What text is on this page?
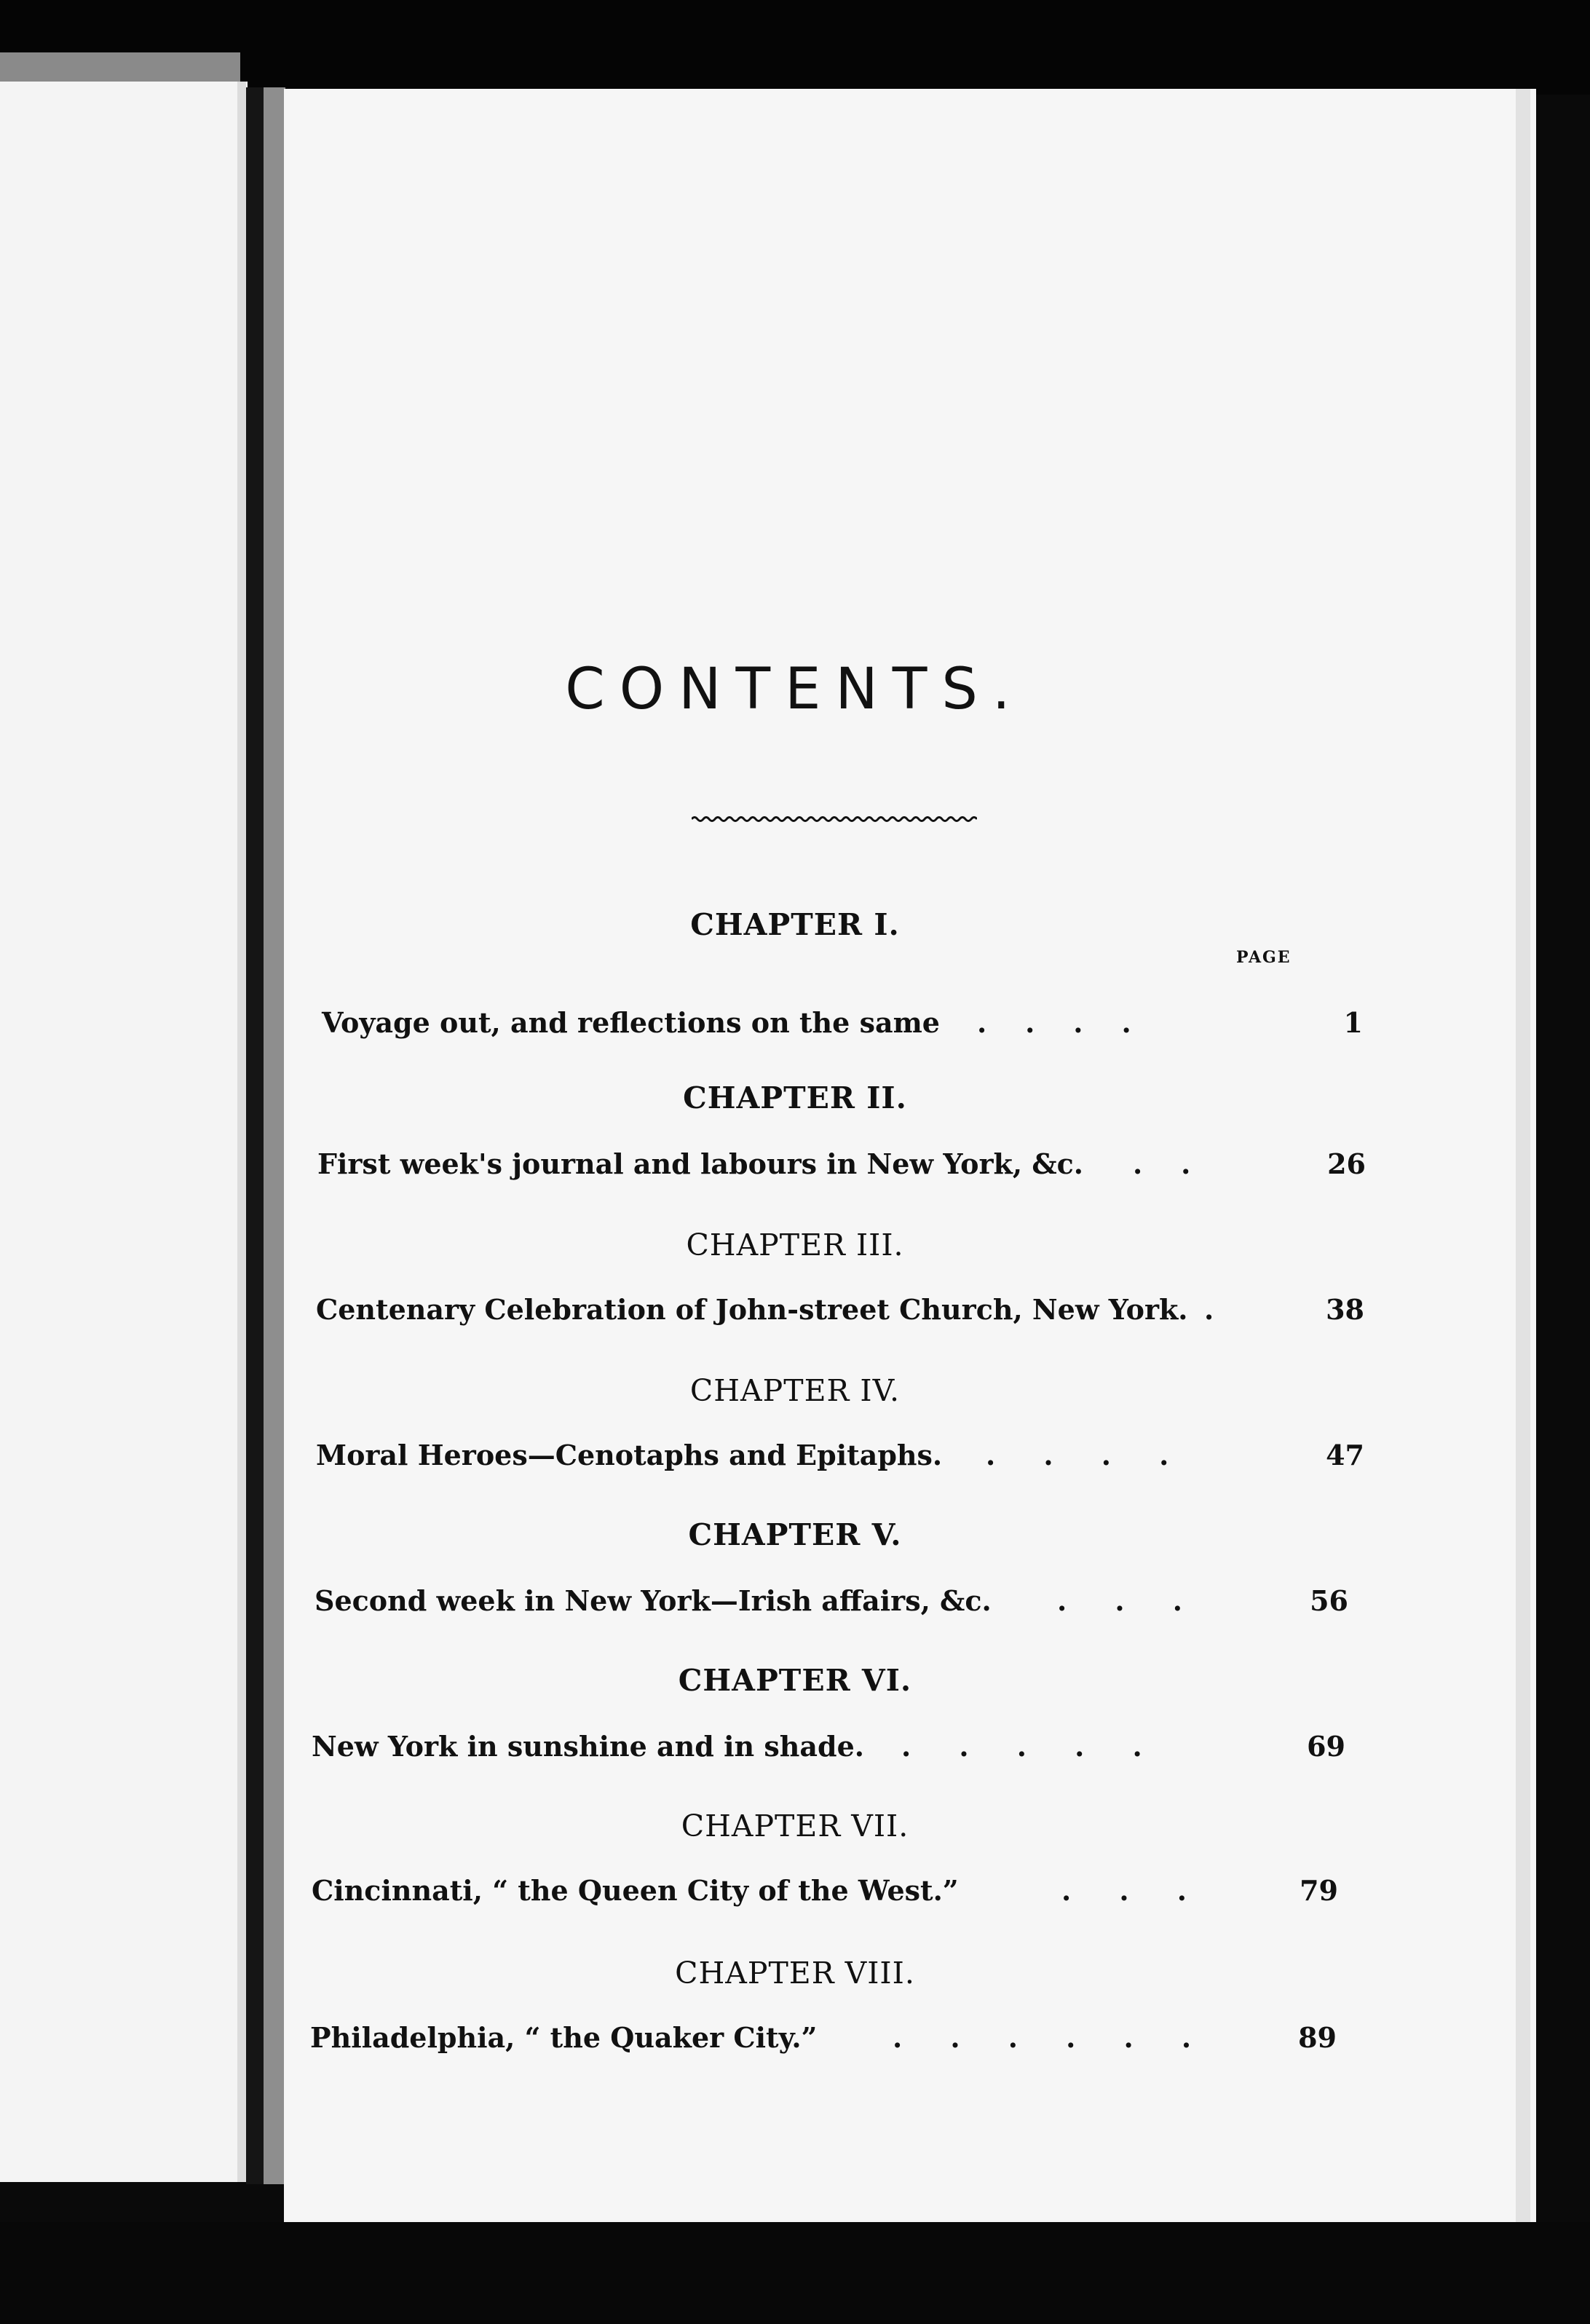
CONTENTS.
PAGE
CHAPTER I.
Voyage out, and reflections on the same .    .    .    .	1
CHAPTER II.
First week's journal and labours in New York, &c. .    .	26
CHAPTER III.
Centenary Celebration of John-street Church, New York. .	38
CHAPTER IV.
Moral Heroes—Cenotaphs and Epitaphs. .     .     .     .	47
CHAPTER V.
Second week in New York—Irish affairs, &c. .     .     .	56
CHAPTER VI.
New York in sunshine and in shade. .     .     .     .     .	69
CHAPTER VII.
Cincinnati, “ the Queen City of the West.”	.     .     .	79
CHAPTER VIII.
Philadelphia, “ the Quaker City.”	.     .     .     .     .     .	89
